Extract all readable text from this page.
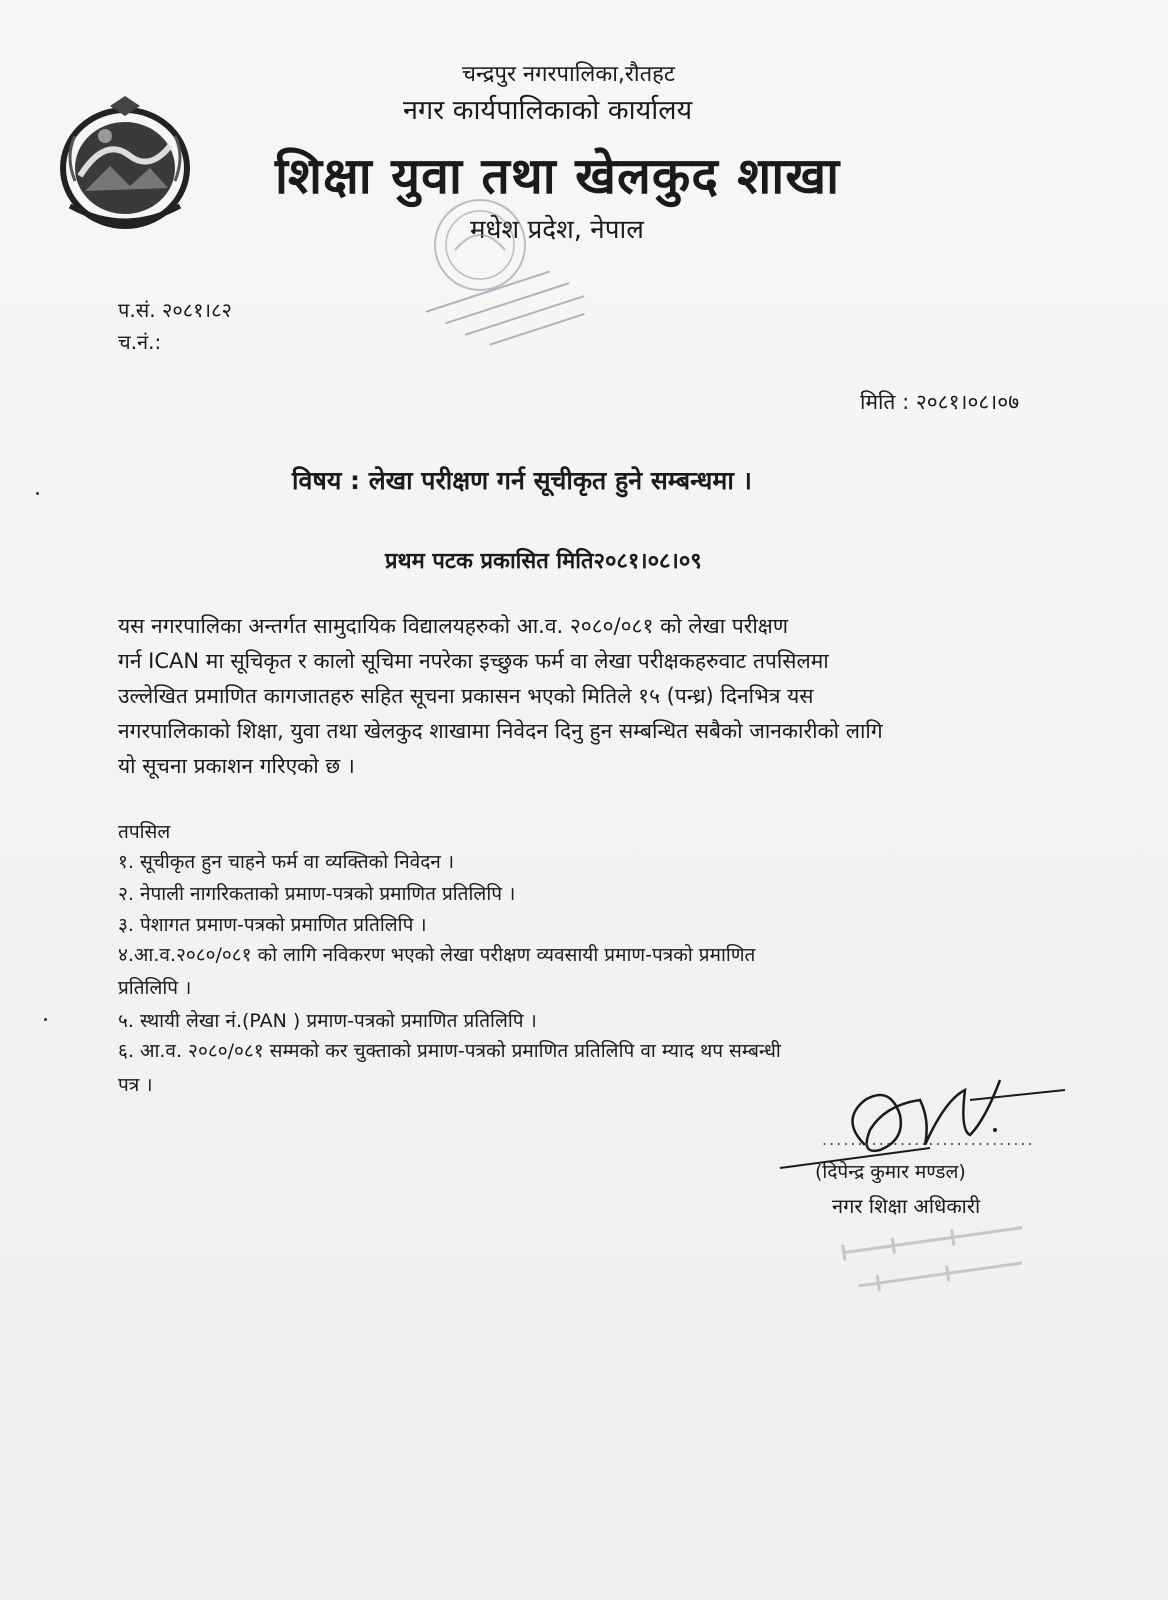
चन्द्रपुर नगरपालिका,रौतहट
नगर कार्यपालिकाको कार्यालय
शिक्षा युवा तथा खेलकुद शाखा
मधेश प्रदेश, नेपाल
प.सं. २०८१।८२
च.नं.:
मिति : २०८१।०८।०७
विषय : लेखा परीक्षण गर्न सूचीकृत हुने सम्बन्धमा ।
प्रथम पटक प्रकासित मिति२०८१।०८।०९
यस नगरपालिका अन्तर्गत सामुदायिक विद्यालयहरुको आ.व. २०८०/०८१ को लेखा परीक्षण
गर्न ICAN मा सूचिकृत र कालो सूचिमा नपरेका इच्छुक फर्म वा लेखा परीक्षकहरुवाट तपसिलमा
उल्लेखित प्रमाणित कागजातहरु सहित सूचना प्रकासन भएको मितिले १५ (पन्ध्र) दिनभित्र यस
नगरपालिकाको शिक्षा, युवा तथा खेलकुद शाखामा निवेदन दिनु हुन सम्बन्धित सबैको जानकारीको लागि
यो सूचना प्रकाशन गरिएको छ ।
तपसिल
१. सूचीकृत हुन चाहने फर्म वा व्यक्तिको निवेदन ।
२. नेपाली नागरिकताको प्रमाण-पत्रको प्रमाणित प्रतिलिपि ।
३. पेशागत प्रमाण-पत्रको प्रमाणित प्रतिलिपि ।
४.आ.व.२०८०/०८१ को लागि नविकरण भएको लेखा परीक्षण व्यवसायी प्रमाण-पत्रको प्रमाणित
प्रतिलिपि ।
५. स्थायी लेखा नं.(PAN ) प्रमाण-पत्रको प्रमाणित प्रतिलिपि ।
६. आ.व. २०८०/०८१ सम्मको कर चुक्ताको प्रमाण-पत्रको प्रमाणित प्रतिलिपि वा म्याद थप सम्बन्धी
पत्र ।
..............................
(दिपेन्द्र कुमार मण्डल)
नगर शिक्षा अधिकारी
